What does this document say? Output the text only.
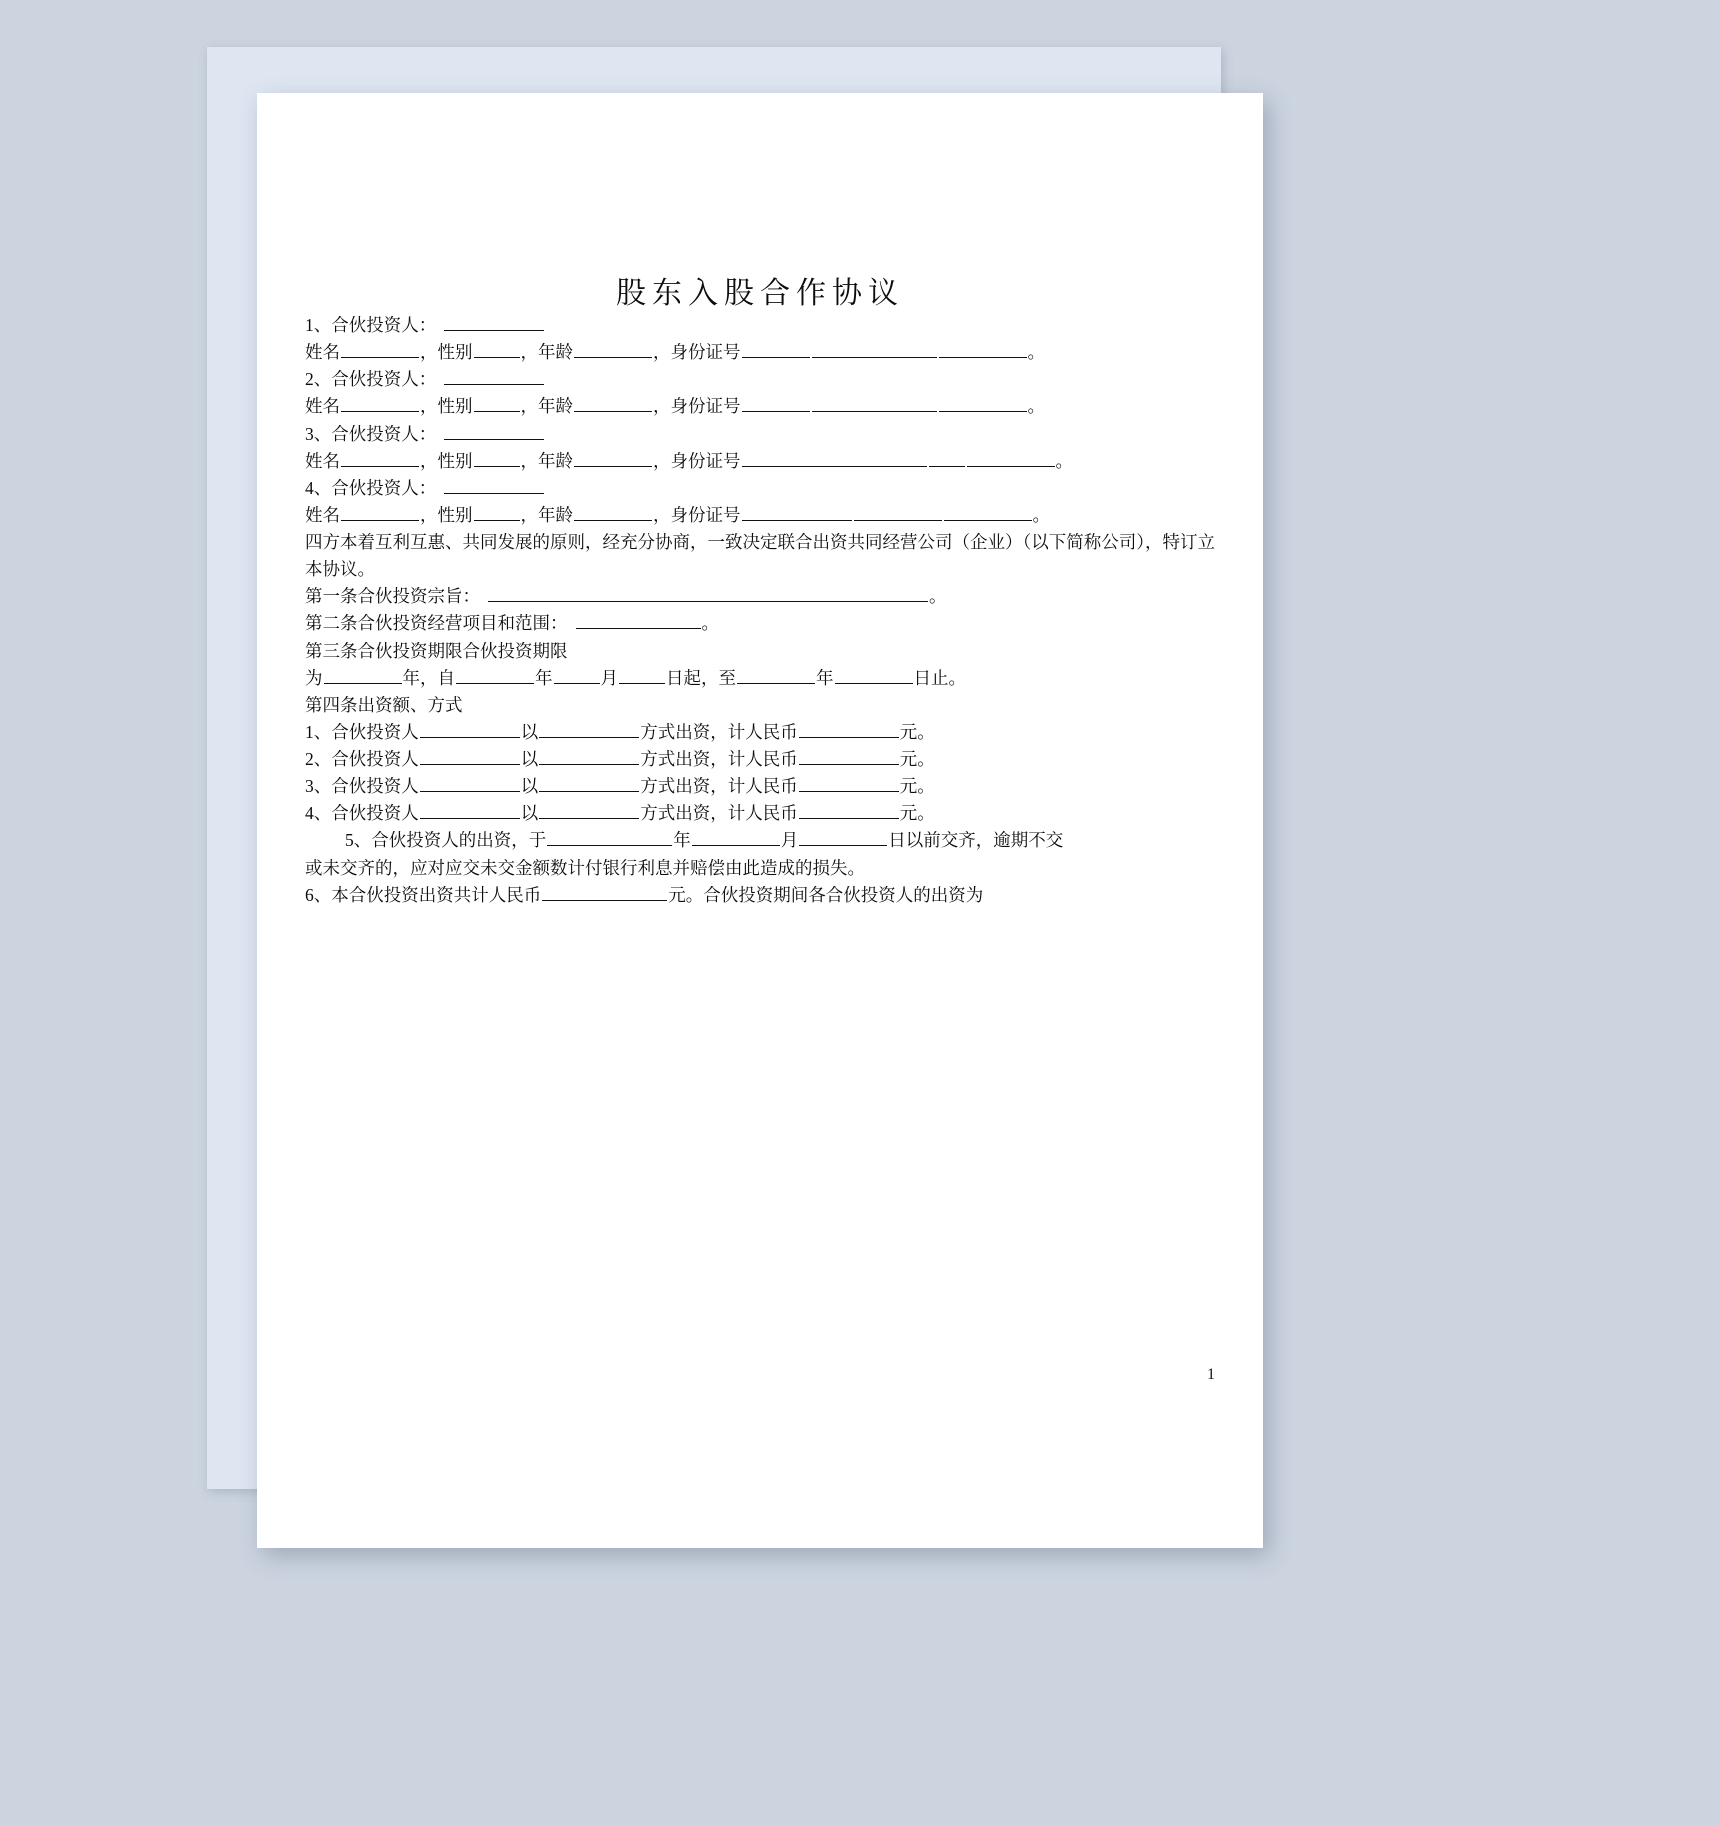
股东入股合作协议

1、合伙投资人：

姓名	，性别	，年龄	，身份证号	。

2、合伙投资人：

姓名	，性别	，年龄	，身份证号	。

3、合伙投资人：

姓名	，性别	，年龄	，身份证号	。

4、合伙投资人：

姓名	，性别	，年龄	，身份证号	。

四方本着互利互惠、共同发展的原则，经充分协商，一致决定联合出资共同经营公司（企业）（以下简称公司），特订立本协议。

第一条合伙投资宗旨：	。

第二条合伙投资经营项目和范围：	。

第三条合伙投资期限合伙投资期限

为	年，自	年	月	日起，至	年	日止。

第四条出资额、方式

1、合伙投资人	以	方式出资，计人民币	元。

2、合伙投资人	以	方式出资，计人民币	元。

3、合伙投资人	以	方式出资，计人民币	元。

4、合伙投资人	以	方式出资，计人民币	元。

5、合伙投资人的出资，于	年	月	日以前交齐，逾期不交

或未交齐的，应对应交未交金额数计付银行利息并赔偿由此造成的损失。

6、本合伙投资出资共计人民币	元。合伙投资期间各合伙投资人的出资为

1
